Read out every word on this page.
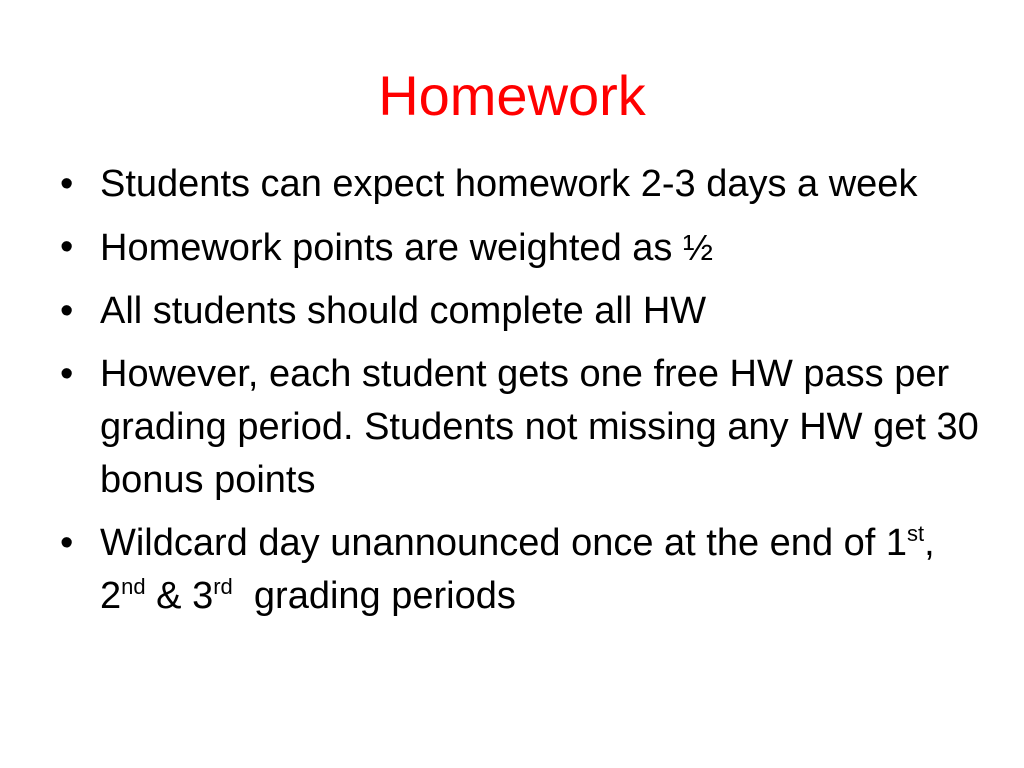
Homework
• Students can expect homework 2-3 days a week
• Homework points are weighted as ½
• All students should complete all HW
• However, each student gets one free HW pass per grading period. Students not missing any HW get 30 bonus points
• Wildcard day unannounced once at the end of 1st, 2nd & 3rd  grading periods
